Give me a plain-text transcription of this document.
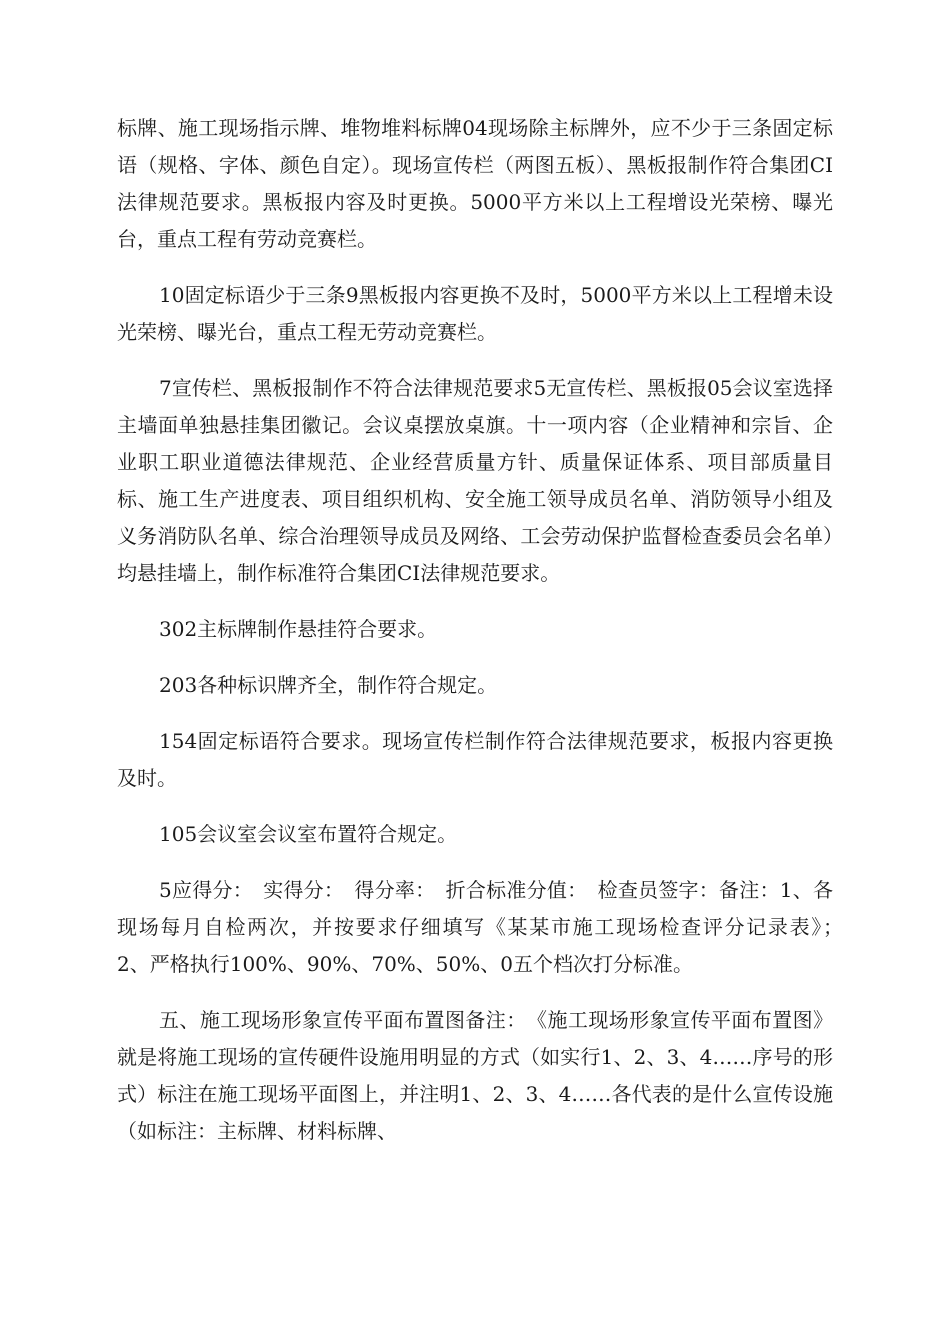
标牌、施工现场指示牌、堆物堆料标牌04现场除主标牌外，应不少于三条固定标语（规格、字体、颜色自定）。现场宣传栏（两图五板）、黑板报制作符合集团CI法律规范要求。黑板报内容及时更换。5000平方米以上工程增设光荣榜、曝光台，重点工程有劳动竞赛栏。

10固定标语少于三条9黑板报内容更换不及时，5000平方米以上工程增未设光荣榜、曝光台，重点工程无劳动竞赛栏。

7宣传栏、黑板报制作不符合法律规范要求5无宣传栏、黑板报05会议室选择主墙面单独悬挂集团徽记。会议桌摆放桌旗。十一项内容（企业精神和宗旨、企业职工职业道德法律规范、企业经营质量方针、质量保证体系、项目部质量目标、施工生产进度表、项目组织机构、安全施工领导成员名单、消防领导小组及义务消防队名单、综合治理领导成员及网络、工会劳动保护监督检查委员会名单）均悬挂墙上，制作标准符合集团CI法律规范要求。

302主标牌制作悬挂符合要求。

203各种标识牌齐全，制作符合规定。

154固定标语符合要求。现场宣传栏制作符合法律规范要求，板报内容更换及时。

105会议室会议室布置符合规定。

5应得分：　实得分：　得分率：　折合标准分值：　检查员签字：备注：1、各现场每月自检两次，并按要求仔细填写《某某市施工现场检查评分记录表》；　　2、严格执行100%、90%、70%、50%、0五个档次打分标准。

五、施工现场形象宣传平面布置图备注：　《施工现场形象宣传平面布置图》就是将施工现场的宣传硬件设施用明显的方式（如实行1、2、3、4……序号的形式）标注在施工现场平面图上，并注明1、2、3、4……各代表的是什么宣传设施（如标注：主标牌、材料标牌、
